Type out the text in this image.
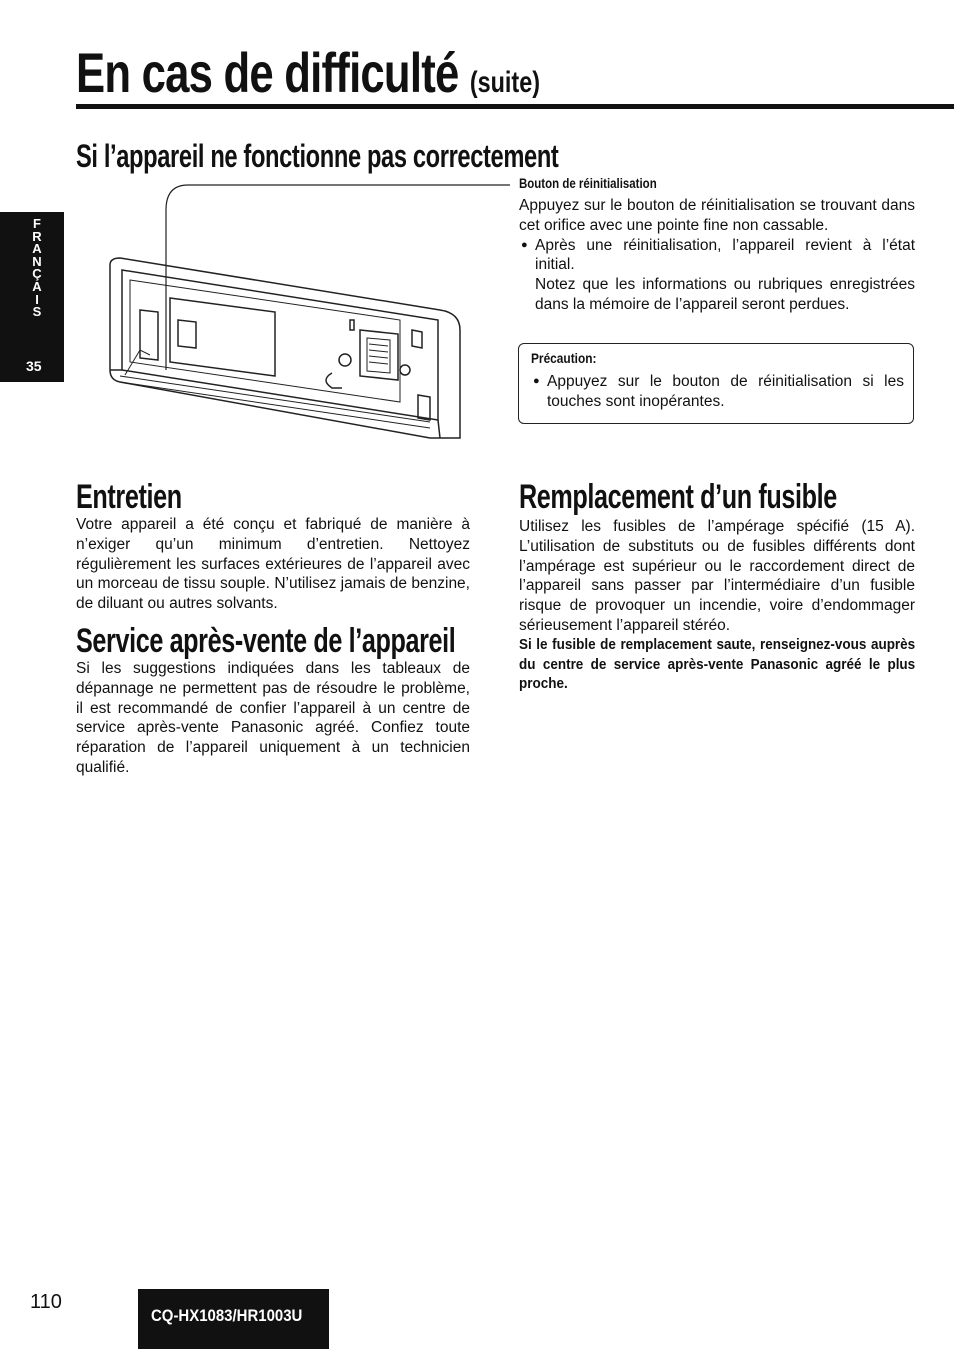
En cas de difficulté (suite)
F
R
A
N
Ç
A
I
S
35
Si l’appareil ne fonctionne pas correctement
Bouton de réinitialisation
Appuyez sur le bouton de réinitialisation se trouvant dans cet orifice avec une pointe fine non cassable.
● Après une réinitialisation, l’appareil revient à l’état initial.
Notez que les informations ou rubriques enregistrées dans la mémoire de l’appareil seront perdues.
Précaution:
● Appuyez sur le bouton de réinitialisation si les touches sont inopérantes.
Entretien
Votre appareil a été conçu et fabriqué de manière à n’exiger qu’un minimum d’entretien. Nettoyez régulièrement les surfaces extérieures de l’appareil avec un morceau de tissu souple. N’utilisez jamais de benzine, de diluant ou autres solvants.
Service après-vente de l’appareil
Si les suggestions indiquées dans les tableaux de dépannage ne permettent pas de résoudre le problème, il est recommandé de confier l’appareil à un centre de service après-vente Panasonic agréé. Confiez toute réparation de l’appareil uniquement à un technicien qualifié.
Remplacement d’un fusible
Utilisez les fusibles de l’ampérage spécifié (15 A). L’utilisation de substituts ou de fusibles différents dont l’ampérage est supérieur ou le raccordement direct de l’appareil sans passer par l’intermédiaire d’un fusible risque de provoquer un incendie, voire d’endommager sérieusement l’appareil stéréo.
Si le fusible de remplacement saute, renseignez-vous auprès du centre de service après-vente Panasonic agréé le plus proche.
110
CQ-HX1083/HR1003U
